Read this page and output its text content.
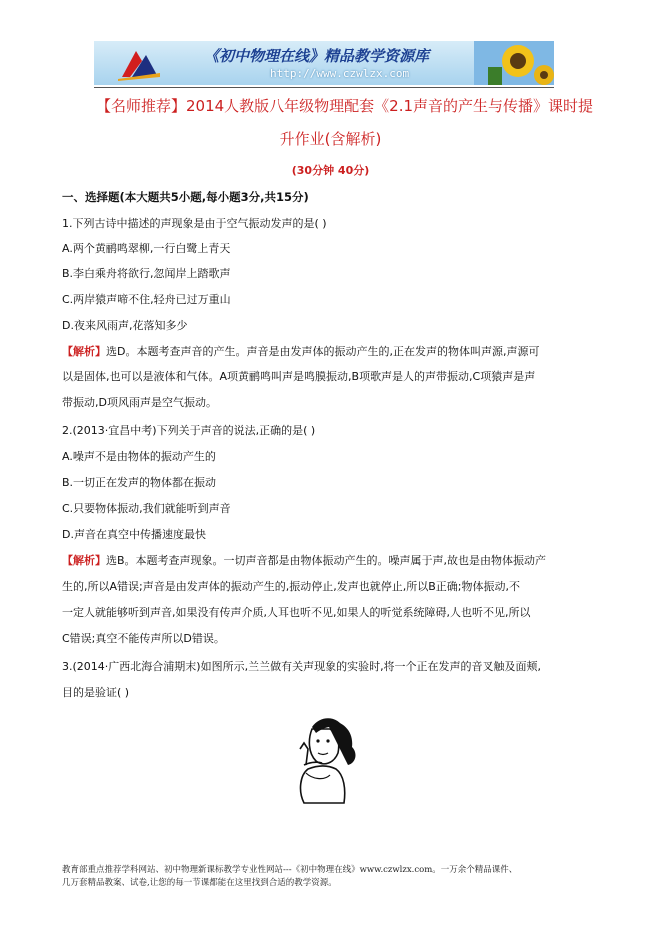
《初中物理在线》精品教学资源库
http://www.czwlzx.com
【名师推荐】2014人教版八年级物理配套《2.1声音的产生与传播》课时提
升作业(含解析)
(30分钟 40分)
一、选择题(本大题共5小题,每小题3分,共15分)
1.下列古诗中描述的声现象是由于空气振动发声的是( )
A.两个黄鹂鸣翠柳,一行白鹭上青天
B.李白乘舟将欲行,忽闻岸上踏歌声
C.两岸猿声啼不住,轻舟已过万重山
D.夜来风雨声,花落知多少
【解析】选D。本题考查声音的产生。声音是由发声体的振动产生的,正在发声的物体叫声源,声源可
以是固体,也可以是液体和气体。A项黄鹂鸣叫声是鸣膜振动,B项歌声是人的声带振动,C项猿声是声
带振动,D项风雨声是空气振动。
2.(2013·宜昌中考)下列关于声音的说法,正确的是( )
A.噪声不是由物体的振动产生的
B.一切正在发声的物体都在振动
C.只要物体振动,我们就能听到声音
D.声音在真空中传播速度最快
【解析】选B。本题考查声现象。一切声音都是由物体振动产生的。噪声属于声,故也是由物体振动产
生的,所以A错误;声音是由发声体的振动产生的,振动停止,发声也就停止,所以B正确;物体振动,不
一定人就能够听到声音,如果没有传声介质,人耳也听不见,如果人的听觉系统障碍,人也听不见,所以
C错误;真空不能传声所以D错误。
3.(2014·广西北海合浦期末)如图所示,兰兰做有关声现象的实验时,将一个正在发声的音叉触及面颊,
目的是验证( )
教育部重点推荐学科网站、初中物理新课标教学专业性网站---《初中物理在线》www.czwlzx.com。一万余个精品课件、
几万套精品教案、试卷,让您的每一节课都能在这里找到合适的教学资源。
